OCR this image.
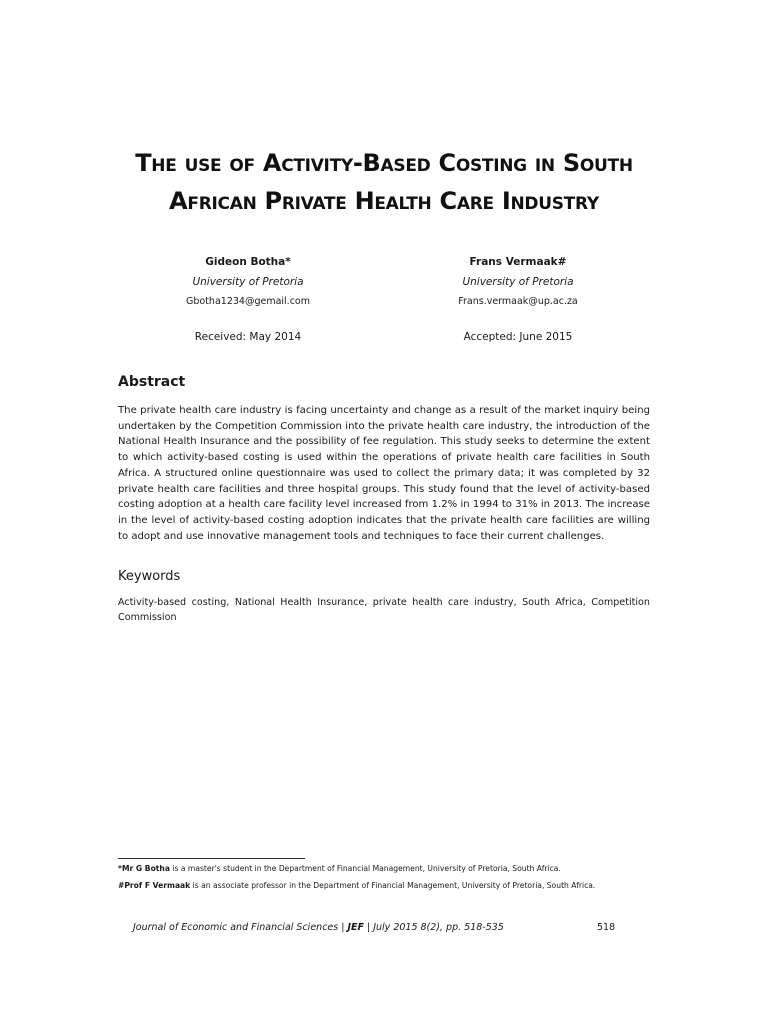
The use of Activity-Based Costing in South
African Private Health Care Industry
Gideon Botha*
University of Pretoria
Gbotha1234@gemail.com
Received: May 2014
Frans Vermaak#
University of Pretoria
Frans.vermaak@up.ac.za
Accepted: June 2015
Abstract
The private health care industry is facing uncertainty and change as a result of the market inquiry being undertaken by the Competition Commission into the private health care industry, the introduction of the National Health Insurance and the possibility of fee regulation. This study seeks to determine the extent to which activity-based costing is used within the operations of private health care facilities in South Africa. A structured online questionnaire was used to collect the primary data; it was completed by 32 private health care facilities and three hospital groups. This study found that the level of activity-based costing adoption at a health care facility level increased from 1.2% in 1994 to 31% in 2013. The increase in the level of activity-based costing adoption indicates that the private health care facilities are willing to adopt and use innovative management tools and techniques to face their current challenges.
Keywords
Activity-based costing, National Health Insurance, private health care industry, South Africa, Competition Commission
*Mr G Botha is a master's student in the Department of Financial Management, University of Pretoria, South Africa.
#Prof F Vermaak is an associate professor in the Department of Financial Management, University of Pretoria, South Africa.
Journal of Economic and Financial Sciences | JEF | July 2015 8(2), pp. 518-535	518
